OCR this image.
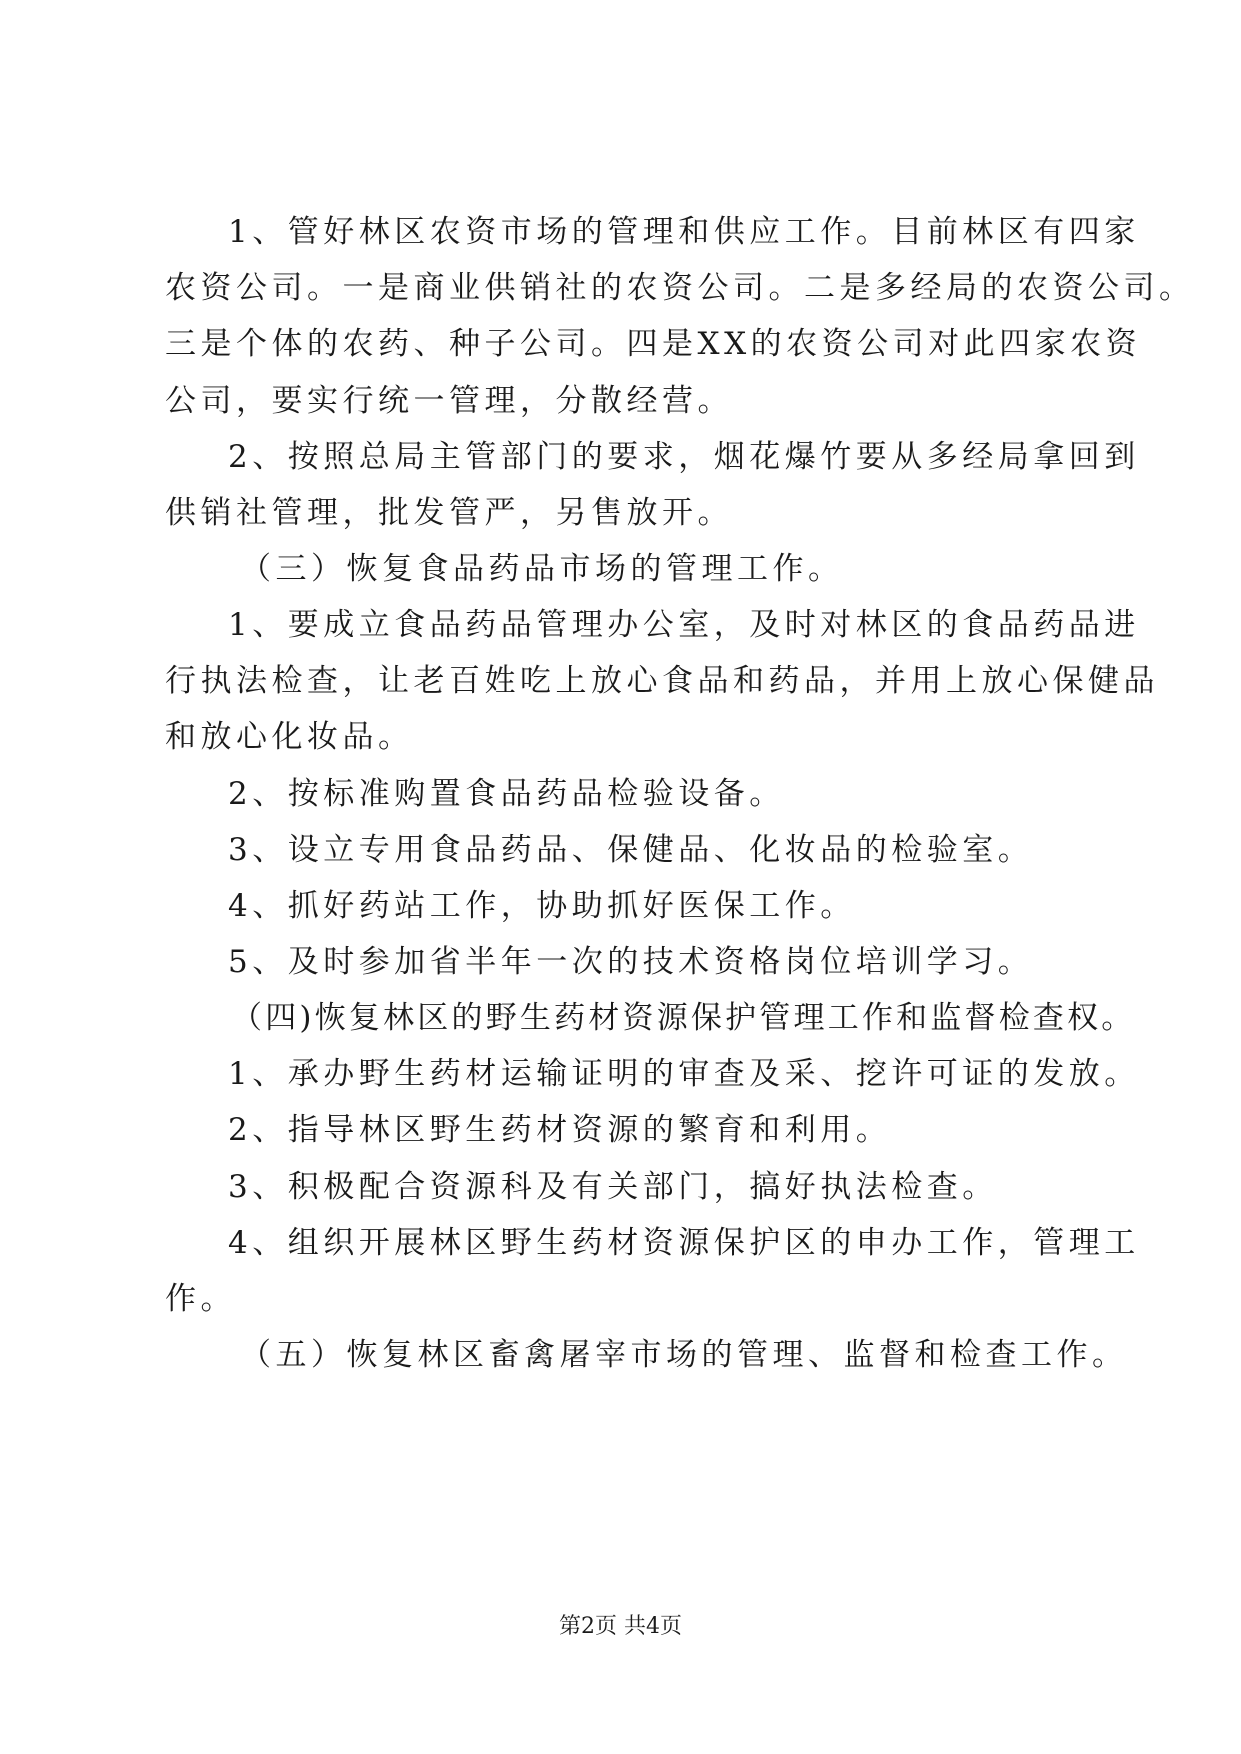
1、管好林区农资市场的管理和供应工作。目前林区有四家
农资公司。一是商业供销社的农资公司。二是多经局的农资公司。
三是个体的农药、种子公司。四是XX的农资公司对此四家农资
公司，要实行统一管理，分散经营。
2、按照总局主管部门的要求，烟花爆竹要从多经局拿回到
供销社管理，批发管严，另售放开。
（三）恢复食品药品市场的管理工作。
1、要成立食品药品管理办公室，及时对林区的食品药品进
行执法检查，让老百姓吃上放心食品和药品，并用上放心保健品
和放心化妆品。
2、按标准购置食品药品检验设备。
3、设立专用食品药品、保健品、化妆品的检验室。
4、抓好药站工作，协助抓好医保工作。
5、及时参加省半年一次的技术资格岗位培训学习。
（四)恢复林区的野生药材资源保护管理工作和监督检查权。
1、承办野生药材运输证明的审查及采、挖许可证的发放。
2、指导林区野生药材资源的繁育和利用。
3、积极配合资源科及有关部门，搞好执法检查。
4、组织开展林区野生药材资源保护区的申办工作，管理工
作。
（五）恢复林区畜禽屠宰市场的管理、监督和检查工作。
第2页 共4页
